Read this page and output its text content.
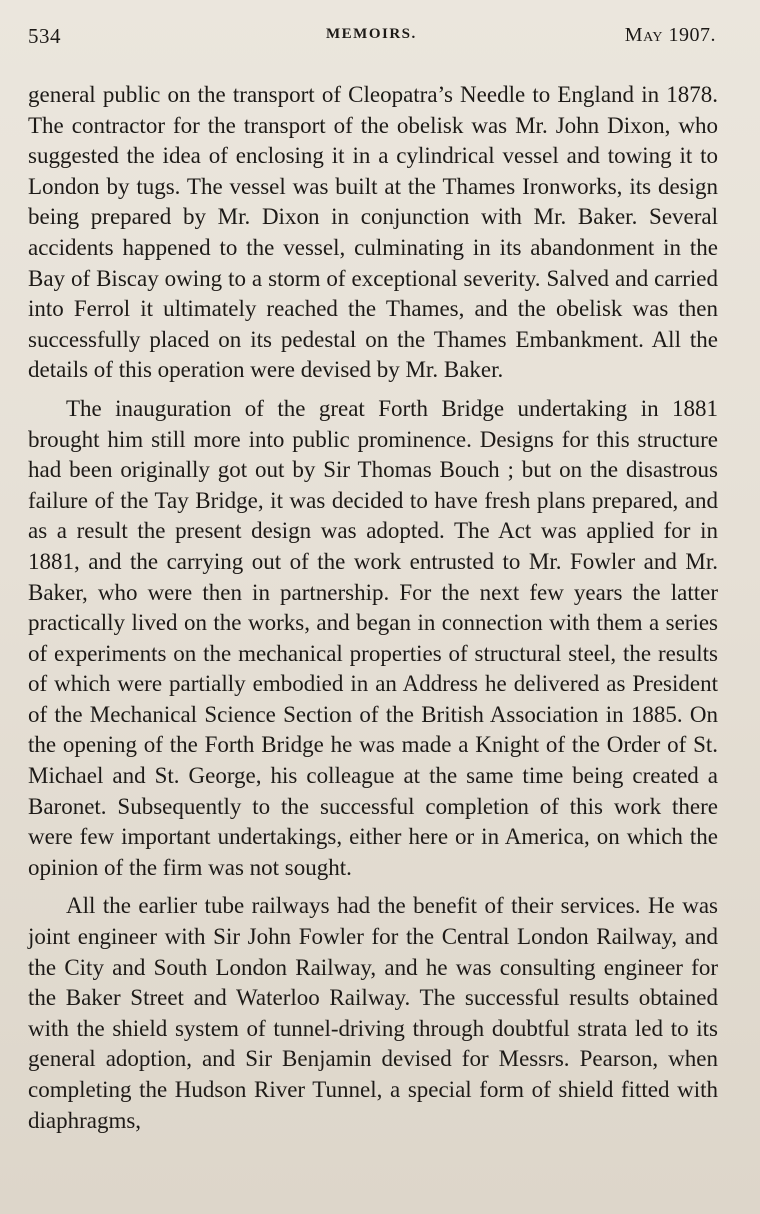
534	MEMOIRS.	May 1907.

general public on the transport of Cleopatra’s Needle to England in 1878. The contractor for the transport of the obelisk was Mr. John Dixon, who suggested the idea of enclosing it in a cylindrical vessel and towing it to London by tugs. The vessel was built at the Thames Ironworks, its design being prepared by Mr. Dixon in conjunction with Mr. Baker. Several accidents happened to the vessel, culminating in its abandonment in the Bay of Biscay owing to a storm of exceptional severity. Salved and carried into Ferrol it ultimately reached the Thames, and the obelisk was then successfully placed on its pedestal on the Thames Embankment. All the details of this operation were devised by Mr. Baker.

The inauguration of the great Forth Bridge undertaking in 1881 brought him still more into public prominence. Designs for this structure had been originally got out by Sir Thomas Bouch ; but on the disastrous failure of the Tay Bridge, it was decided to have fresh plans prepared, and as a result the present design was adopted. The Act was applied for in 1881, and the carrying out of the work entrusted to Mr. Fowler and Mr. Baker, who were then in partnership. For the next few years the latter practically lived on the works, and began in connection with them a series of experiments on the mechanical properties of structural steel, the results of which were partially embodied in an Address he delivered as President of the Mechanical Science Section of the British Association in 1885. On the opening of the Forth Bridge he was made a Knight of the Order of St. Michael and St. George, his colleague at the same time being created a Baronet. Subsequently to the successful completion of this work there were few important undertakings, either here or in America, on which the opinion of the firm was not sought.

All the earlier tube railways had the benefit of their services. He was joint engineer with Sir John Fowler for the Central London Railway, and the City and South London Railway, and he was consulting engineer for the Baker Street and Waterloo Railway. The successful results obtained with the shield system of tunnel-driving through doubtful strata led to its general adoption, and Sir Benjamin devised for Messrs. Pearson, when completing the Hudson River Tunnel, a special form of shield fitted with diaphragms,
